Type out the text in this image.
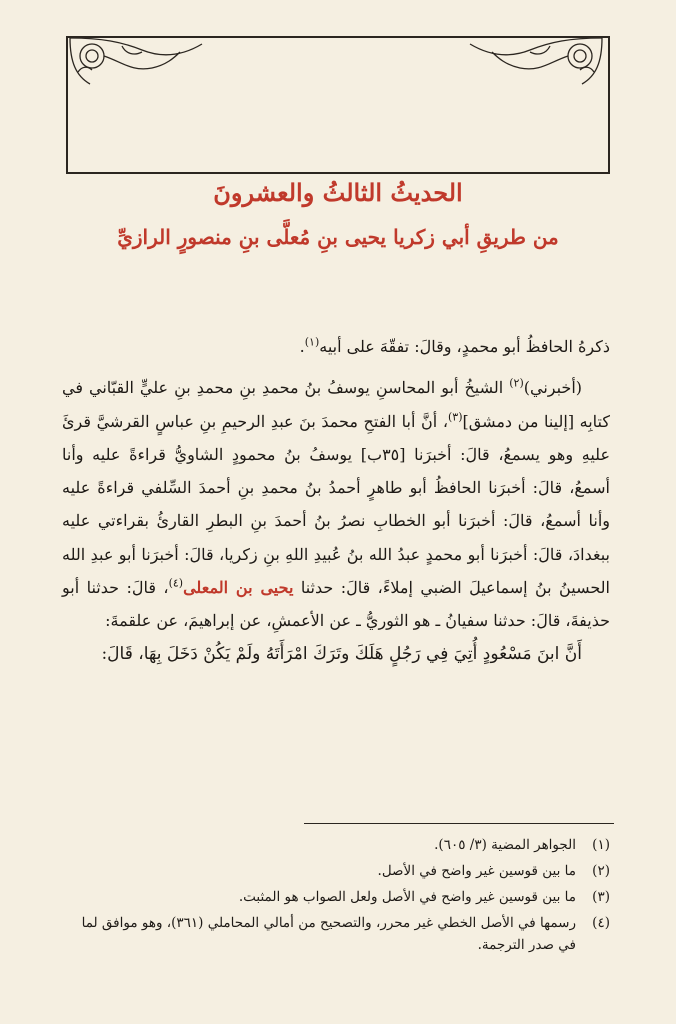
الحديثُ الثالثُ والعشرونَ
من طريقِ أبي زكريا يحيى بنِ مُعلَّى بنِ منصورٍ الرازيِّ

ذكرهُ الحافظُ أبو محمدٍ، وقالَ: تفقّهَ على أبيه$^{(١)}$.

(أخبرني)$^{(٢)}$ الشيخُ أبو المحاسنِ يوسفُ بنُ محمدِ بنِ محمدِ بنِ عليٍّ القبّاني في كتابِه [إلينا من دمشق]$^{(٣)}$، أنَّ أبا الفتحِ محمدَ بنَ عبدِ الرحيمِ بنِ عباسٍ القرشيَّ قرئَ عليهِ وهو يسمعُ، قالَ: أخبرَنا [٣٥ب] يوسفُ بنُ محمودٍ الشاويُّ قراءةً عليه وأنا أسمعُ، قالَ: أخبرَنا الحافظُ أبو طاهرٍ أحمدُ بنُ محمدِ بنِ أحمدَ السِّلفي قراءةً عليه وأنا أسمعُ، قالَ: أخبرَنا أبو الخطابِ نصرُ بنُ أحمدَ بنِ البطرِ القارئُ بقراءتي عليه ببغدادَ، قالَ: أخبرَنا أبو محمدٍ عبدُ الله بنُ عُبيدِ اللهِ بنِ زكريا، قالَ: أخبرَنا أبو عبدِ الله الحسينُ بنُ إسماعيلَ الضبي إملاءً، قالَ: حدثنا يحيى بن المعلى$^{(٤)}$، قالَ: حدثنا أبو حذيفةَ، قالَ: حدثنا سفيانُ ـ هو الثوريُّ ـ عن الأعمشِ، عن إبراهيمَ، عن علقمةَ:

أَنَّ ابنَ مَسْعُودٍ أُتِيَ فِي رَجُلٍ هَلَكَ وتَرَكَ امْرَأَتَهُ ولَمْ يَكُنْ دَخَلَ بِهَا، قَالَ:

(١)
الجواهر المضية (٣/ ٦٠٥).
(٢)
ما بين قوسين غير واضح في الأصل.
(٣)
ما بين قوسين غير واضح في الأصل ولعل الصواب هو المثبت.
(٤)
رسمها في الأصل الخطي غير محرر، والتصحيح من أمالي المحاملي (٣٦١)، وهو موافق لما في صدر الترجمة.
